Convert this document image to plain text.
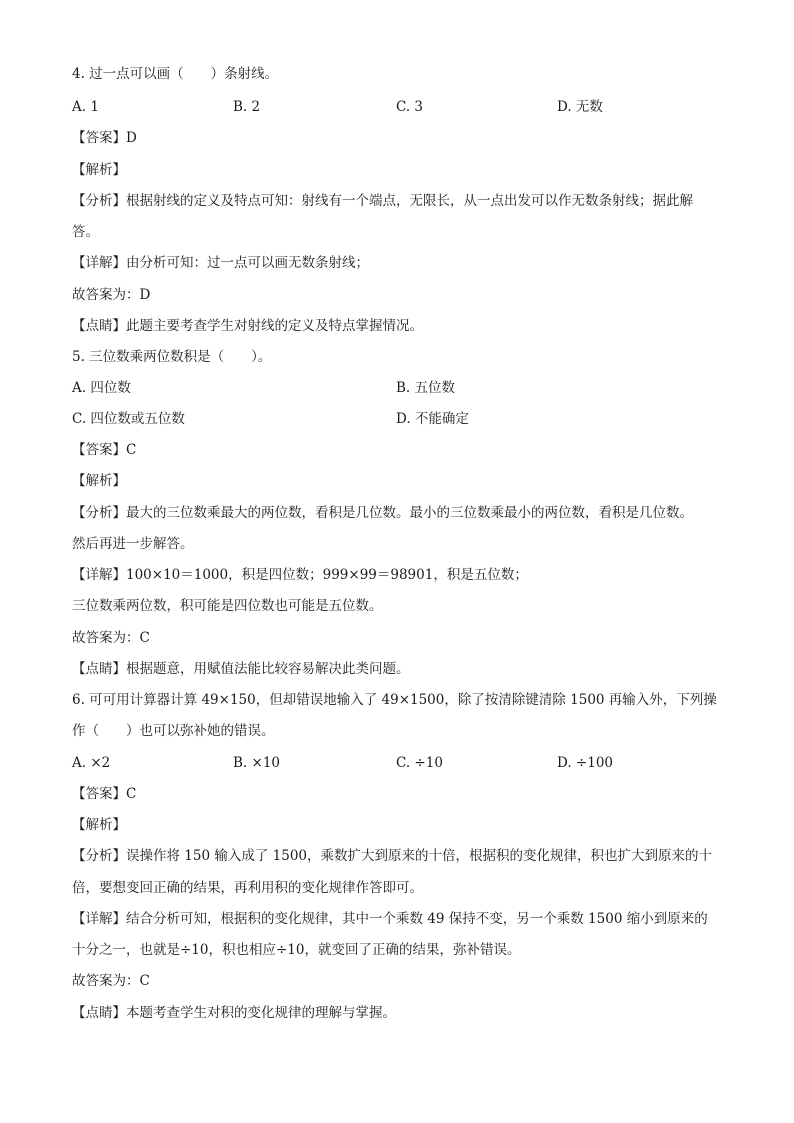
4. 过一点可以画（　　）条射线。
A. 1	B. 2	C. 3	D. 无数
【答案】D
【解析】
【分析】根据射线的定义及特点可知：射线有一个端点，无限长，从一点出发可以作无数条射线；据此解
答。
【详解】由分析可知：过一点可以画无数条射线；
故答案为：D
【点睛】此题主要考查学生对射线的定义及特点掌握情况。
5. 三位数乘两位数积是（　　）。
A. 四位数	B. 五位数
C. 四位数或五位数	D. 不能确定
【答案】C
【解析】
【分析】最大的三位数乘最大的两位数，看积是几位数。最小的三位数乘最小的两位数，看积是几位数。
然后再进一步解答。
【详解】100×10＝1000，积是四位数；999×99＝98901，积是五位数；
三位数乘两位数，积可能是四位数也可能是五位数。
故答案为：C
【点睛】根据题意，用赋值法能比较容易解决此类问题。
6. 可可用计算器计算 49×150，但却错误地输入了 49×1500，除了按清除键清除 1500 再输入外，下列操
作（　　）也可以弥补她的错误。
A. ×2	B. ×10	C. ÷10	D. ÷100
【答案】C
【解析】
【分析】误操作将 150 输入成了 1500，乘数扩大到原来的十倍，根据积的变化规律，积也扩大到原来的十
倍，要想变回正确的结果，再利用积的变化规律作答即可。
【详解】结合分析可知，根据积的变化规律，其中一个乘数 49 保持不变，另一个乘数 1500 缩小到原来的
十分之一，也就是÷10，积也相应÷10，就变回了正确的结果，弥补错误。
故答案为：C
【点睛】本题考查学生对积的变化规律的理解与掌握。
